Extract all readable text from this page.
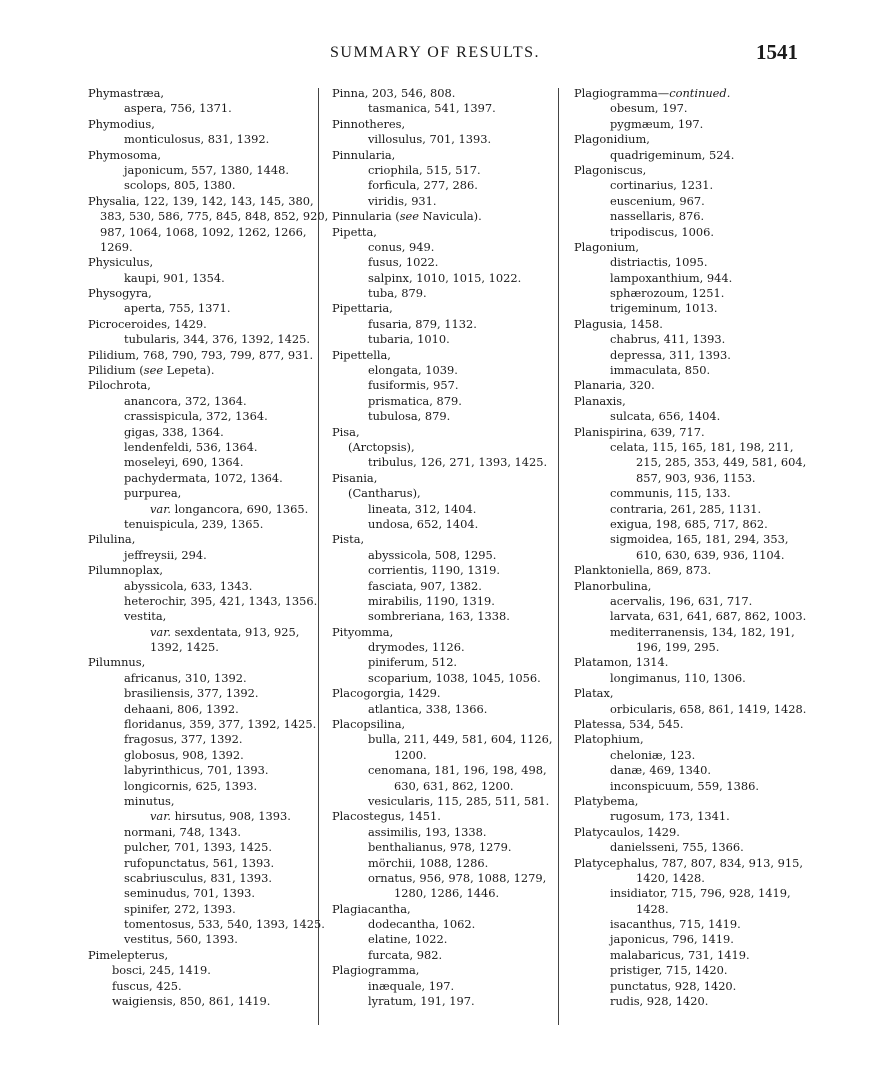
SUMMARY OF RESULTS.	1541
Phymastræa,
aspera, 756, 1371.
Phymodius,
monticulosus, 831, 1392.
Phymosoma,
japonicum, 557, 1380, 1448.
scolops, 805, 1380.
Physalia, 122, 139, 142, 143, 145, 380,
383, 530, 586, 775, 845, 848, 852, 920,
987, 1064, 1068, 1092, 1262, 1266,
1269.
Physiculus,
kaupi, 901, 1354.
Physogyra,
aperta, 755, 1371.
Picroceroides, 1429.
tubularis, 344, 376, 1392, 1425.
Pilidium, 768, 790, 793, 799, 877, 931.
Pilidium (see Lepeta).
Pilochrota,
anancora, 372, 1364.
crassispicula, 372, 1364.
gigas, 338, 1364.
lendenfeldi, 536, 1364.
moseleyi, 690, 1364.
pachydermata, 1072, 1364.
purpurea,
var. longancora, 690, 1365.
tenuispicula, 239, 1365.
Pilulina,
jeffreysii, 294.
Pilumnoplax,
abyssicola, 633, 1343.
heterochir, 395, 421, 1343, 1356.
vestita,
var. sexdentata, 913, 925,
1392, 1425.
Pilumnus,
africanus, 310, 1392.
brasiliensis, 377, 1392.
dehaani, 806, 1392.
floridanus, 359, 377, 1392, 1425.
fragosus, 377, 1392.
globosus, 908, 1392.
labyrinthicus, 701, 1393.
longicornis, 625, 1393.
minutus,
var. hirsutus, 908, 1393.
normani, 748, 1343.
pulcher, 701, 1393, 1425.
rufopunctatus, 561, 1393.
scabriusculus, 831, 1393.
seminudus, 701, 1393.
spinifer, 272, 1393.
tomentosus, 533, 540, 1393, 1425.
vestitus, 560, 1393.
Pimelepterus,
bosci, 245, 1419.
fuscus, 425.
waigiensis, 850, 861, 1419.
Pinna, 203, 546, 808.
tasmanica, 541, 1397.
Pinnotheres,
villosulus, 701, 1393.
Pinnularia,
criophila, 515, 517.
forficula, 277, 286.
viridis, 931.
Pinnularia (see Navicula).
Pipetta,
conus, 949.
fusus, 1022.
salpinx, 1010, 1015, 1022.
tuba, 879.
Pipettaria,
fusaria, 879, 1132.
tubaria, 1010.
Pipettella,
elongata, 1039.
fusiformis, 957.
prismatica, 879.
tubulosa, 879.
Pisa,
(Arctopsis),
tribulus, 126, 271, 1393, 1425.
Pisania,
(Cantharus),
lineata, 312, 1404.
undosa, 652, 1404.
Pista,
abyssicola, 508, 1295.
corrientis, 1190, 1319.
fasciata, 907, 1382.
mirabilis, 1190, 1319.
sombreriana, 163, 1338.
Pityomma,
drymodes, 1126.
piniferum, 512.
scoparium, 1038, 1045, 1056.
Placogorgia, 1429.
atlantica, 338, 1366.
Placopsilina,
bulla, 211, 449, 581, 604, 1126,
1200.
cenomana, 181, 196, 198, 498,
630, 631, 862, 1200.
vesicularis, 115, 285, 511, 581.
Placostegus, 1451.
assimilis, 193, 1338.
benthalianus, 978, 1279.
mörchii, 1088, 1286.
ornatus, 956, 978, 1088, 1279,
1280, 1286, 1446.
Plagiacantha,
dodecantha, 1062.
elatine, 1022.
furcata, 982.
Plagiogramma,
inæquale, 197.
lyratum, 191, 197.
Plagiogramma—continued.
obesum, 197.
pygmæum, 197.
Plagonidium,
quadrigeminum, 524.
Plagoniscus,
cortinarius, 1231.
euscenium, 967.
nassellaris, 876.
tripodiscus, 1006.
Plagonium,
distriactis, 1095.
lampoxanthium, 944.
sphærozoum, 1251.
trigeminum, 1013.
Plagusia, 1458.
chabrus, 411, 1393.
depressa, 311, 1393.
immaculata, 850.
Planaria, 320.
Planaxis,
sulcata, 656, 1404.
Planispirina, 639, 717.
celata, 115, 165, 181, 198, 211,
215, 285, 353, 449, 581, 604,
857, 903, 936, 1153.
communis, 115, 133.
contraria, 261, 285, 1131.
exigua, 198, 685, 717, 862.
sigmoidea, 165, 181, 294, 353,
610, 630, 639, 936, 1104.
Planktoniella, 869, 873.
Planorbulina,
acervalis, 196, 631, 717.
larvata, 631, 641, 687, 862, 1003.
mediterranensis, 134, 182, 191,
196, 199, 295.
Platamon, 1314.
longimanus, 110, 1306.
Platax,
orbicularis, 658, 861, 1419, 1428.
Platessa, 534, 545.
Platophium,
cheloniæ, 123.
danæ, 469, 1340.
inconspicuum, 559, 1386.
Platybema,
rugosum, 173, 1341.
Platycaulos, 1429.
danielsseni, 755, 1366.
Platycephalus, 787, 807, 834, 913, 915,
1420, 1428.
insidiator, 715, 796, 928, 1419,
1428.
isacanthus, 715, 1419.
japonicus, 796, 1419.
malabaricus, 731, 1419.
pristiger, 715, 1420.
punctatus, 928, 1420.
rudis, 928, 1420.
